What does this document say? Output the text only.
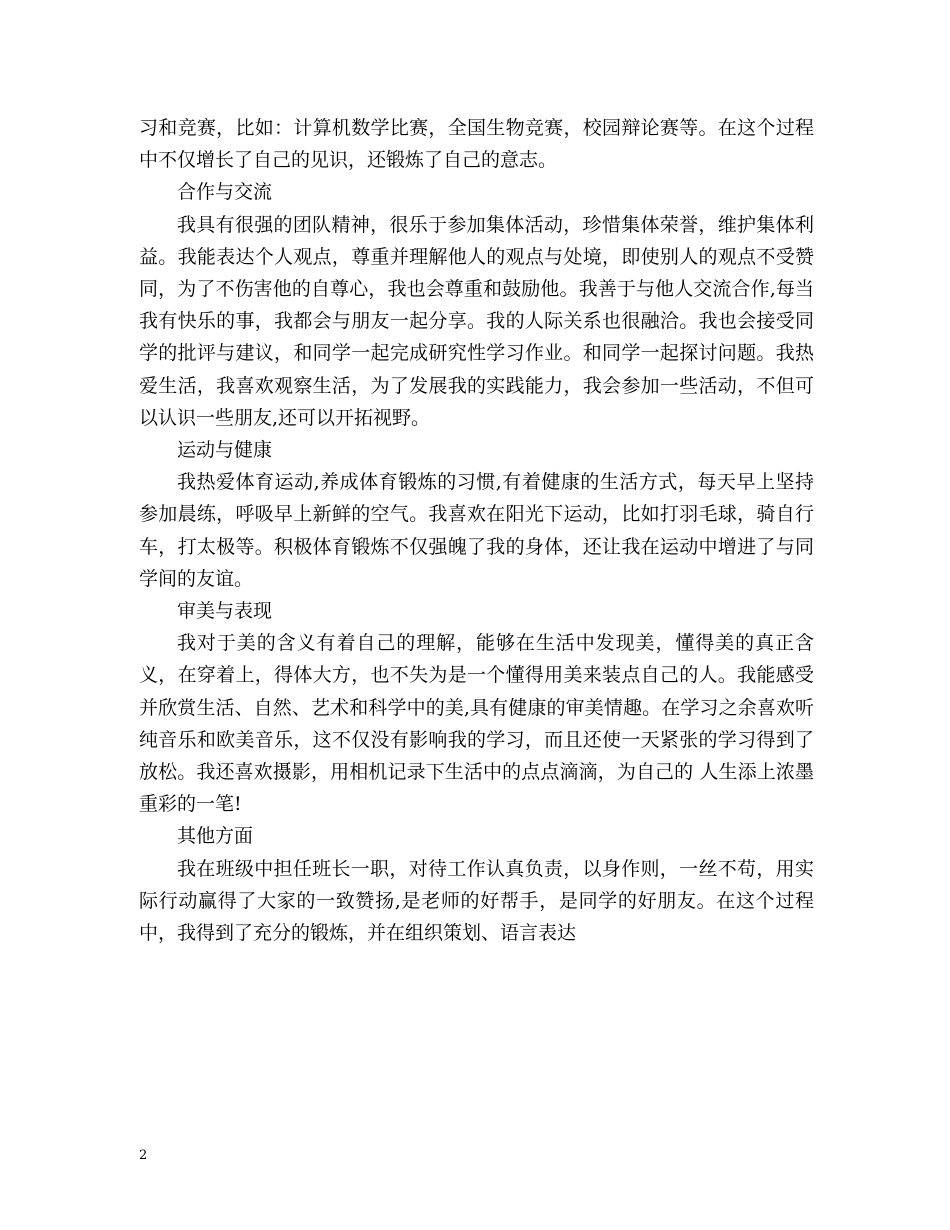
习和竞赛，比如：计算机数学比赛，全国生物竞赛，校园辩论赛等。在这个过程中不仅增长了自己的见识，还锻炼了自己的意志。

合作与交流

我具有很强的团队精神，很乐于参加集体活动，珍惜集体荣誉，维护集体利益。我能表达个人观点，尊重并理解他人的观点与处境，即使别人的观点不受赞同，为了不伤害他的自尊心，我也会尊重和鼓励他。我善于与他人交流合作,每当我有快乐的事，我都会与朋友一起分享。我的人际关系也很融洽。我也会接受同学的批评与建议，和同学一起完成研究性学习作业。和同学一起探讨问题。我热爱生活，我喜欢观察生活，为了发展我的实践能力，我会参加一些活动，不但可以认识一些朋友,还可以开拓视野。

运动与健康

我热爱体育运动,养成体育锻炼的习惯,有着健康的生活方式，每天早上坚持参加晨练，呼吸早上新鲜的空气。我喜欢在阳光下运动，比如打羽毛球，骑自行车，打太极等。积极体育锻炼不仅强魄了我的身体，还让我在运动中增进了与同学间的友谊。

审美与表现

我对于美的含义有着自己的理解，能够在生活中发现美，懂得美的真正含义，在穿着上，得体大方，也不失为是一个懂得用美来装点自己的人。我能感受并欣赏生活、自然、艺术和科学中的美,具有健康的审美情趣。在学习之余喜欢听纯音乐和欧美音乐，这不仅没有影响我的学习，而且还使一天紧张的学习得到了放松。我还喜欢摄影，用相机记录下生活中的点点滴滴，为自己的 人生添上浓墨重彩的一笔!

其他方面

我在班级中担任班长一职，对待工作认真负责，以身作则，一丝不苟，用实际行动赢得了大家的一致赞扬,是老师的好帮手，是同学的好朋友。在这个过程中，我得到了充分的锻炼，并在组织策划、语言表达

2
